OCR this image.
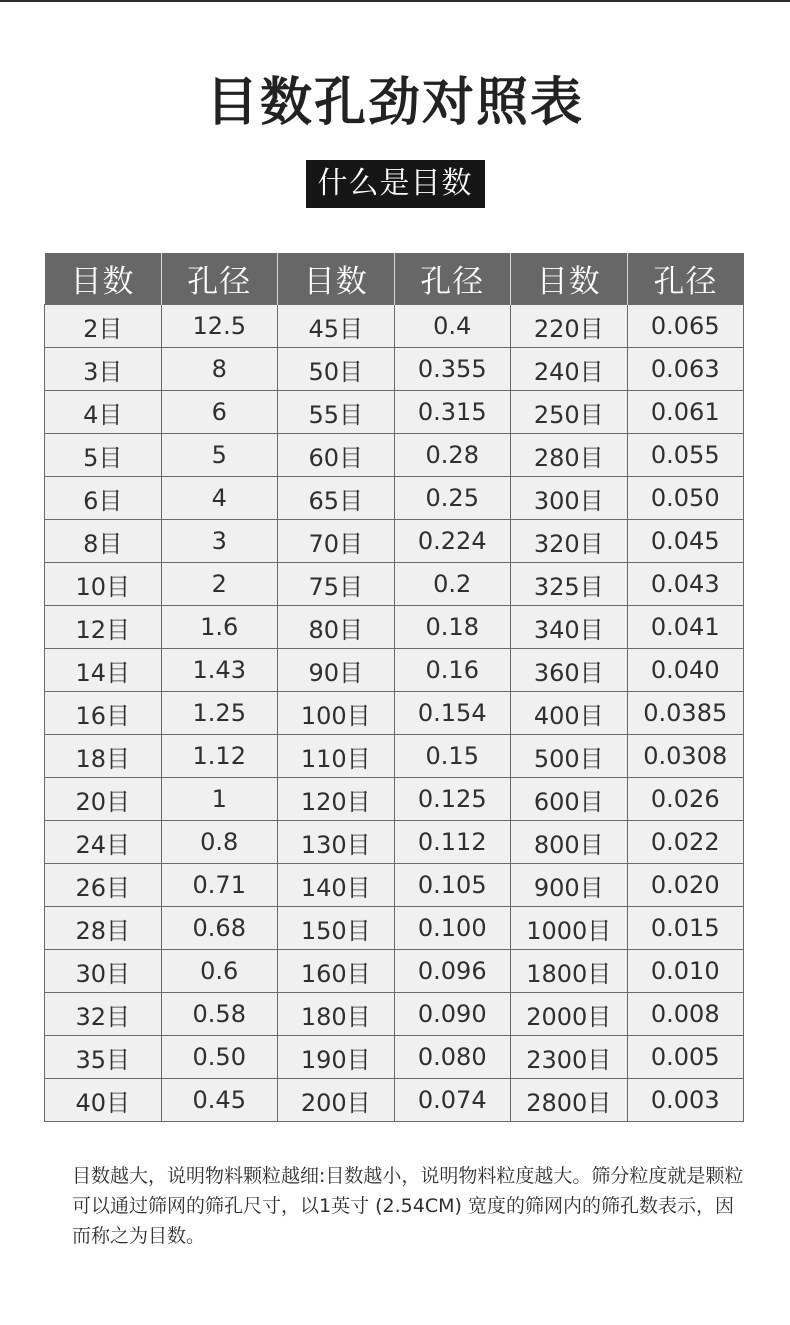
目数孔劲对照表
什么是目数
目数	孔径	目数	孔径	目数	孔径
2目	12.5	45目	0.4	220目	0.065
3目	8	50目	0.355	240目	0.063
4目	6	55目	0.315	250目	0.061
5目	5	60目	0.28	280目	0.055
6目	4	65目	0.25	300目	0.050
8目	3	70目	0.224	320目	0.045
10目	2	75目	0.2	325目	0.043
12目	1.6	80目	0.18	340目	0.041
14目	1.43	90目	0.16	360目	0.040
16目	1.25	100目	0.154	400目	0.0385
18目	1.12	110目	0.15	500目	0.0308
20目	1	120目	0.125	600目	0.026
24目	0.8	130目	0.112	800目	0.022
26目	0.71	140目	0.105	900目	0.020
28目	0.68	150目	0.100	1000目	0.015
30目	0.6	160目	0.096	1800目	0.010
32目	0.58	180目	0.090	2000目	0.008
35目	0.50	190目	0.080	2300目	0.005
40目	0.45	200目	0.074	2800目	0.003
目数越大，说明物料颗粒越细:目数越小，说明物料粒度越大。筛分粒度就是颗粒可以通过筛网的筛孔尺寸，以1英寸 (2.54CM) 宽度的筛网内的筛孔数表示，因而称之为目数。
